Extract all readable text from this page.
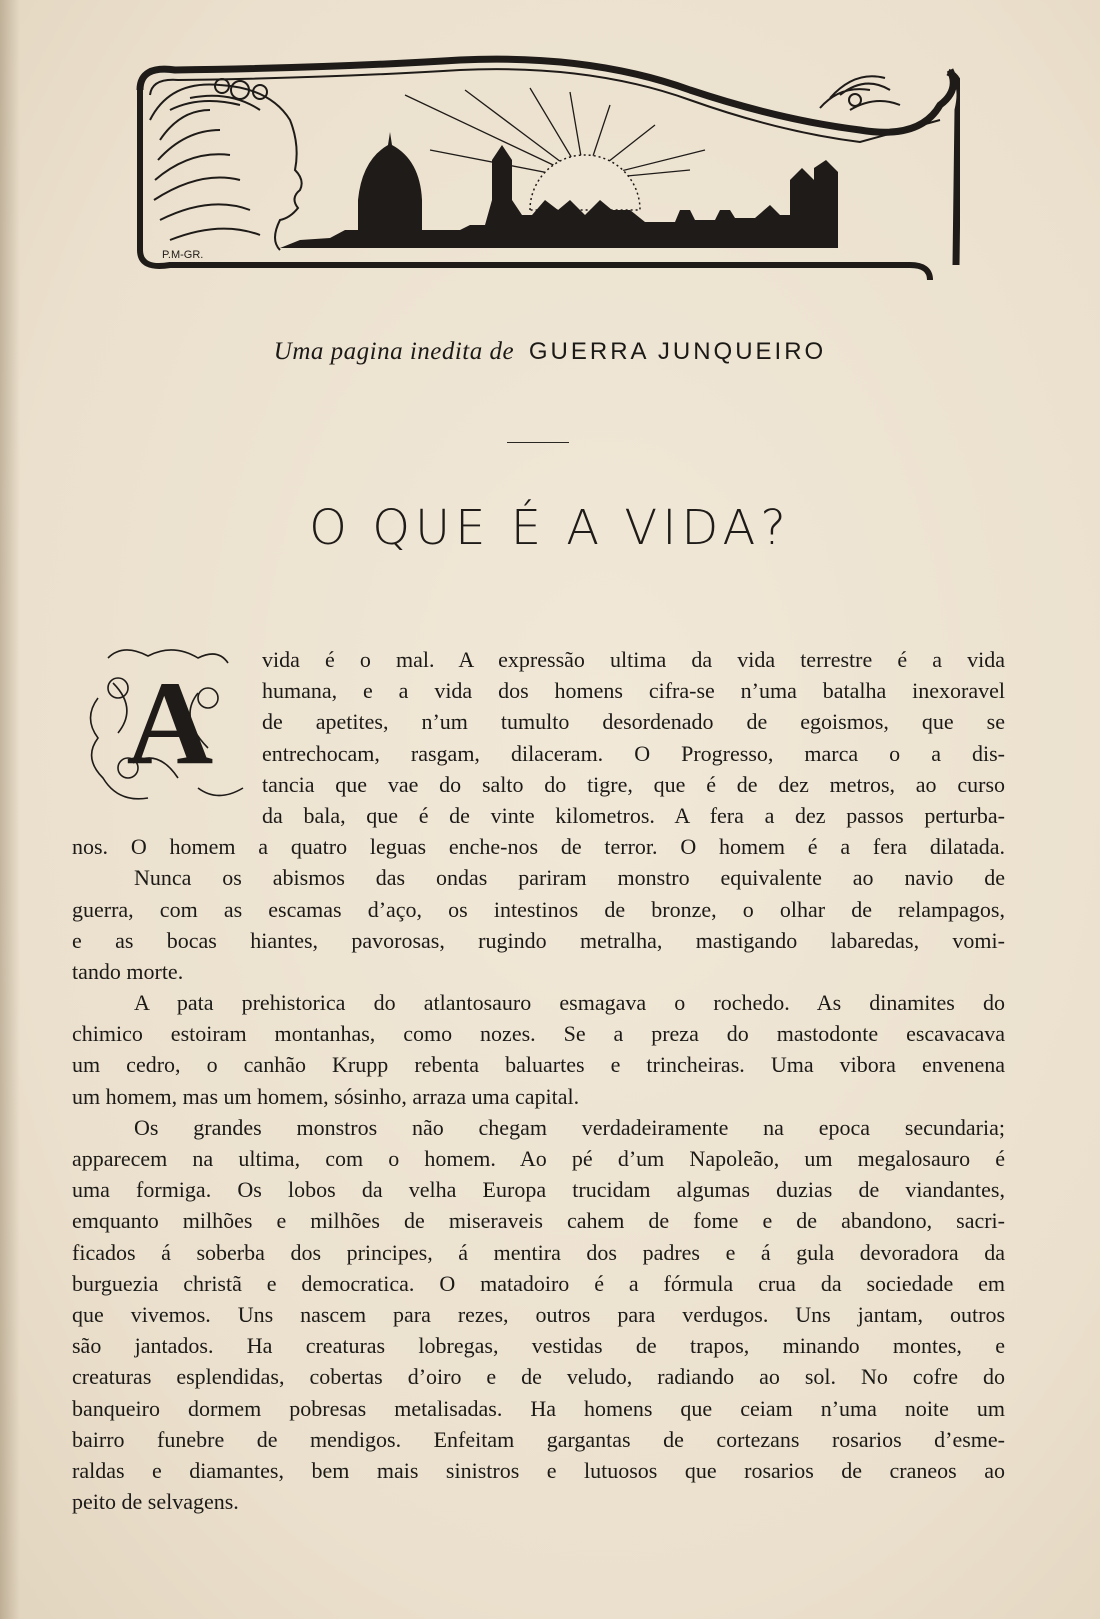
P.M-GR.
Uma pagina inedita de GUERRA JUNQUEIRO
O QUE É A VIDA?
A	vida é o mal. A expressão ultima da vida terrestre é a vida
humana, e a vida dos homens cifra-se n’uma batalha inexoravel
de apetites, n’um tumulto desordenado de egoismos, que se
entrechocam, rasgam, dilaceram. O Progresso, marca o a dis-
tancia que vae do salto do tigre, que é de dez metros, ao curso
da bala, que é de vinte kilometros. A fera a dez passos perturba-
nos. O homem a quatro leguas enche-nos de terror. O homem é a fera dilatada.
Nunca os abismos das ondas pariram monstro equivalente ao navio de
guerra, com as escamas d’aço, os intestinos de bronze, o olhar de relampagos,
e as bocas hiantes, pavorosas, rugindo metralha, mastigando labaredas, vomi-
tando morte.
A pata prehistorica do atlantosauro esmagava o rochedo. As dinamites do
chimico estoiram montanhas, como nozes. Se a preza do mastodonte escavacava
um cedro, o canhão Krupp rebenta baluartes e trincheiras. Uma vibora envenena
um homem, mas um homem, sósinho, arraza uma capital.
Os grandes monstros não chegam verdadeiramente na epoca secundaria;
apparecem na ultima, com o homem. Ao pé d’um Napoleão, um megalosauro é
uma formiga. Os lobos da velha Europa trucidam algumas duzias de viandantes,
emquanto milhões e milhões de miseraveis cahem de fome e de abandono, sacri-
ficados á soberba dos principes, á mentira dos padres e á gula devoradora da
burguezia christã e democratica. O matadoiro é a fórmula crua da sociedade em
que vivemos. Uns nascem para rezes, outros para verdugos. Uns jantam, outros
são jantados. Ha creaturas lobregas, vestidas de trapos, minando montes, e
creaturas esplendidas, cobertas d’oiro e de veludo, radiando ao sol. No cofre do
banqueiro dormem pobresas metalisadas. Ha homens que ceiam n’uma noite um
bairro funebre de mendigos. Enfeitam gargantas de cortezans rosarios d’esme-
raldas e diamantes, bem mais sinistros e lutuosos que rosarios de craneos ao
peito de selvagens.
